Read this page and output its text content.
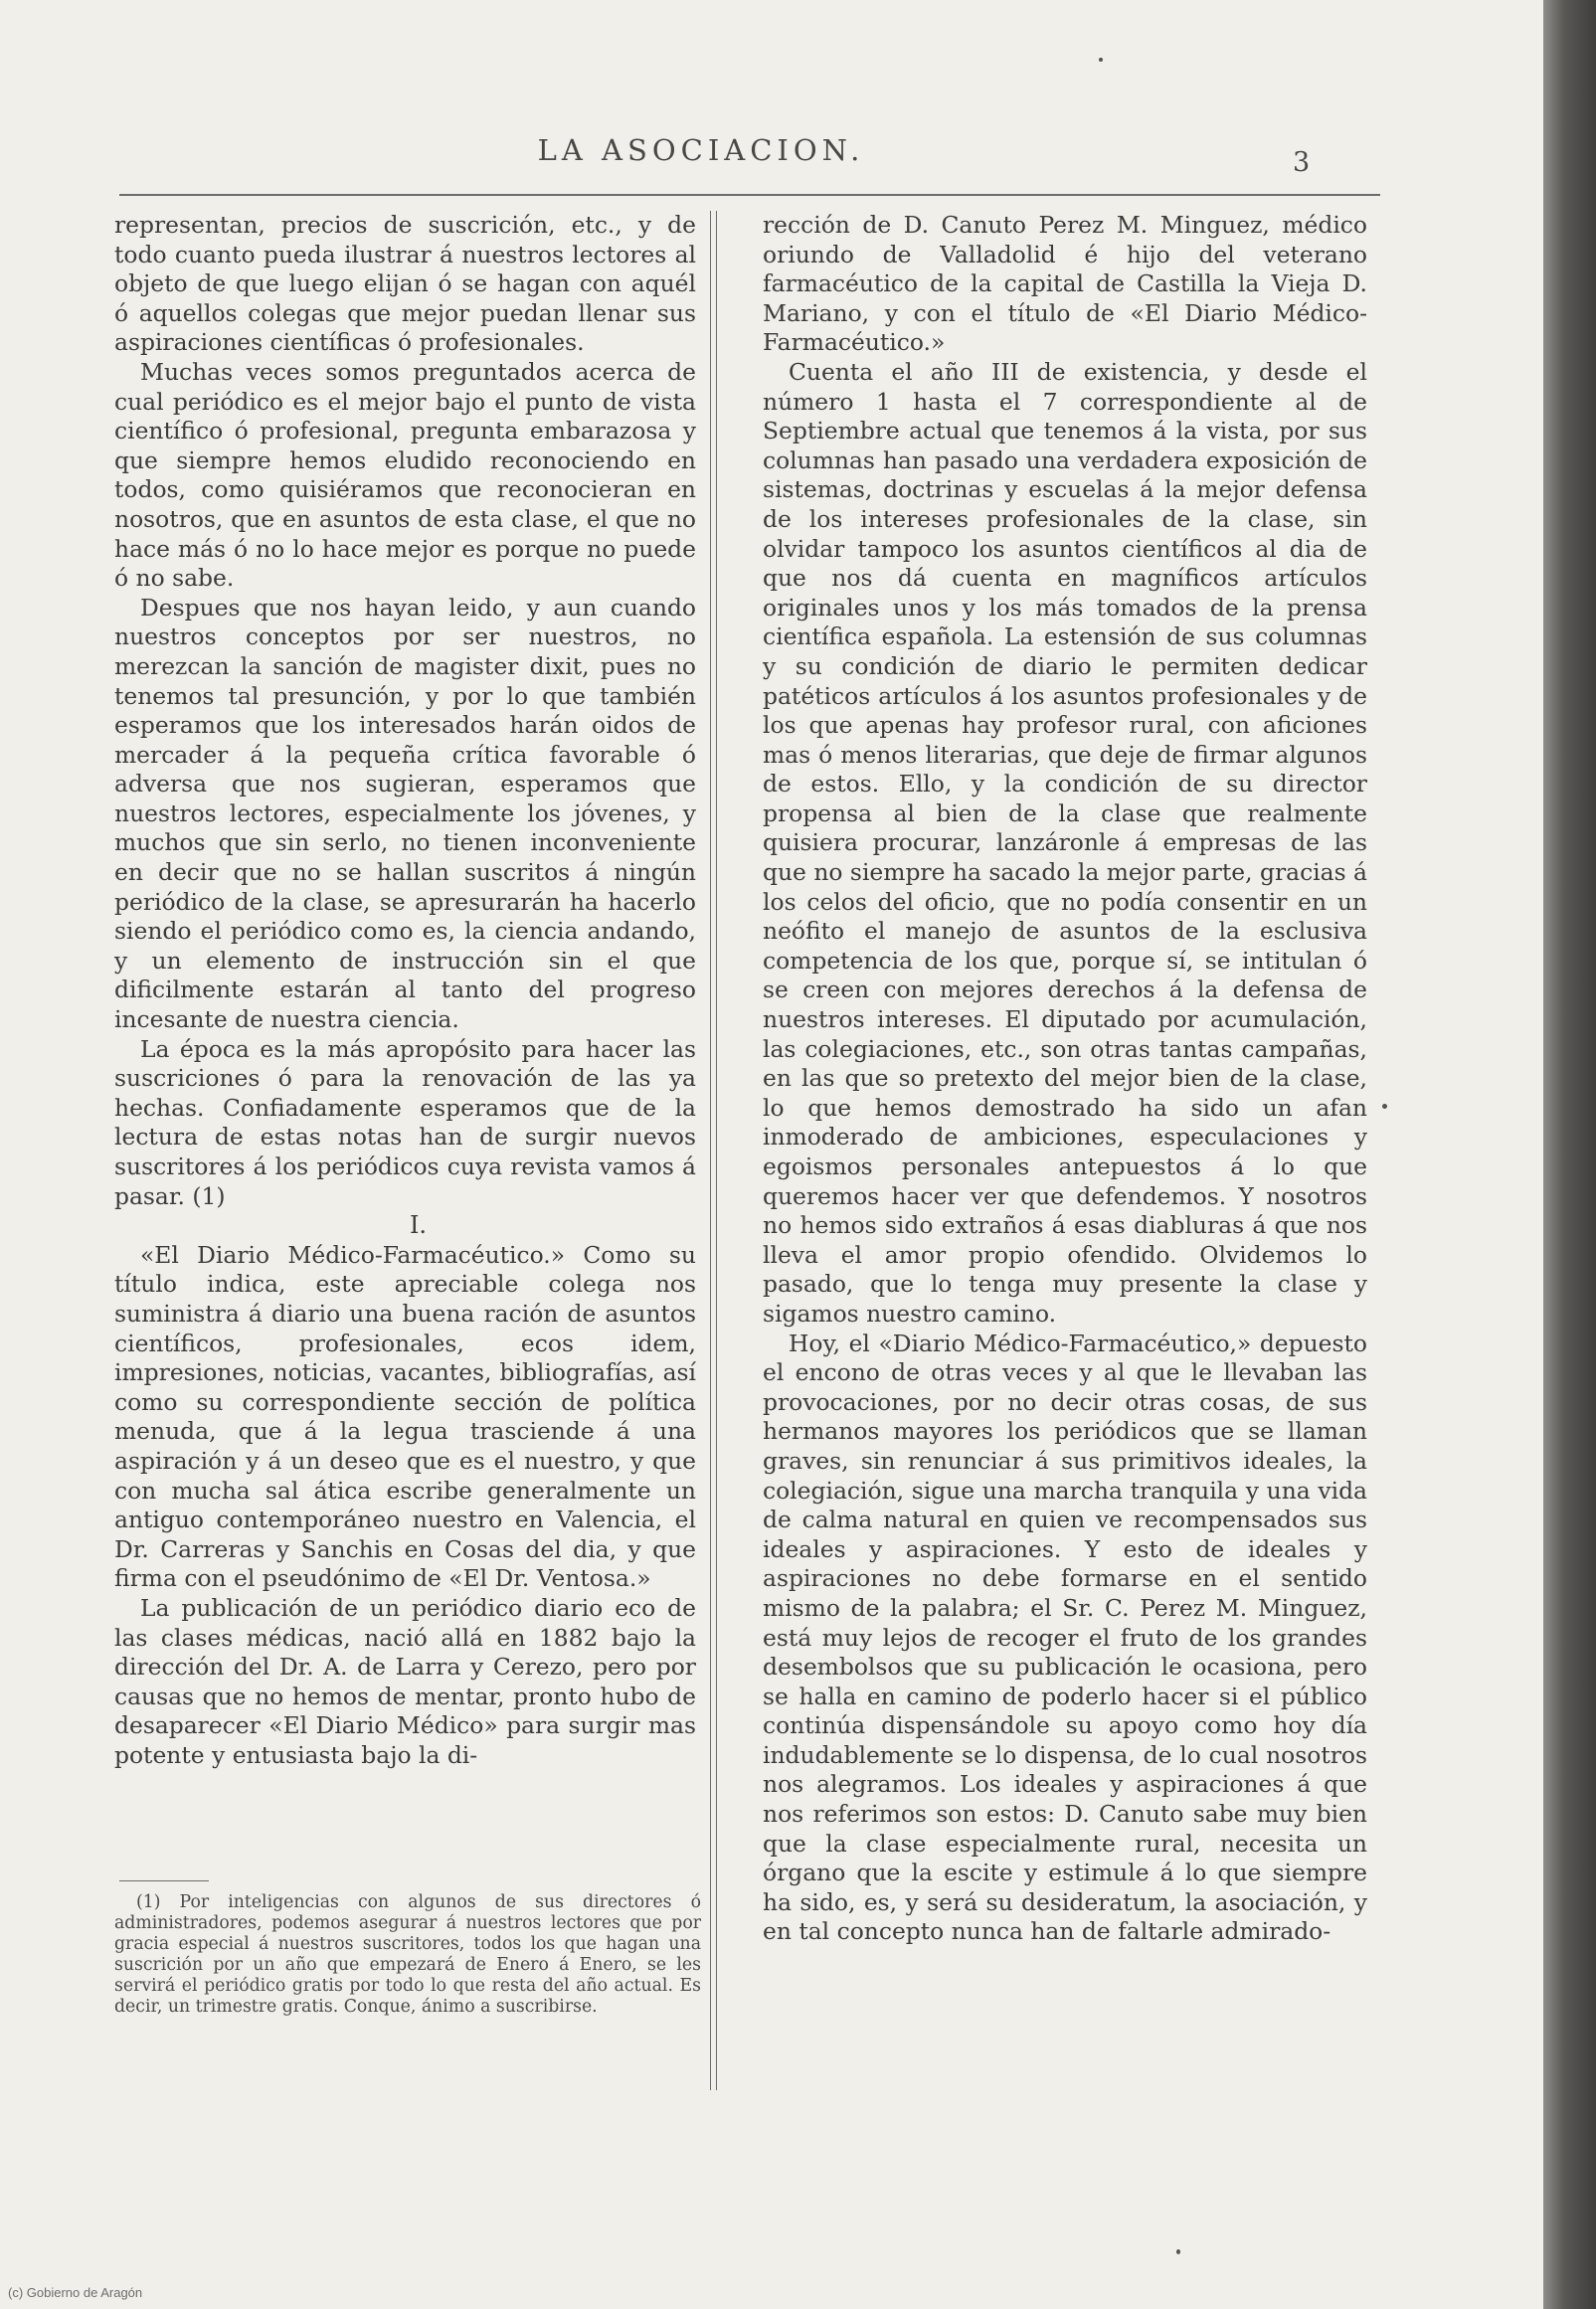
LA ASOCIACION.	3

representan, precios de suscrición, etc., y de todo cuanto pueda ilustrar á nuestros lectores al objeto de que luego elijan ó se hagan con aquél ó aquellos colegas que mejor puedan llenar sus aspiraciones científicas ó profesionales.

Muchas veces somos preguntados acerca de cual periódico es el mejor bajo el punto de vista científico ó profesional, pregunta embarazosa y que siempre hemos eludido reconociendo en todos, como quisiéramos que reconocieran en nosotros, que en asuntos de esta clase, el que no hace más ó no lo hace mejor es porque no puede ó no sabe.

Despues que nos hayan leido, y aun cuando nuestros conceptos por ser nuestros, no merezcan la sanción de magister dixit, pues no tenemos tal presunción, y por lo que también esperamos que los interesados harán oidos de mercader á la pequeña crítica favorable ó adversa que nos sugieran, esperamos que nuestros lectores, especialmente los jóvenes, y muchos que sin serlo, no tienen inconveniente en decir que no se hallan suscritos á ningún periódico de la clase, se apresurarán ha hacerlo siendo el periódico como es, la ciencia andando, y un elemento de instrucción sin el que dificilmente estarán al tanto del progreso incesante de nuestra ciencia.

La época es la más apropósito para hacer las suscriciones ó para la renovación de las ya hechas. Confiadamente esperamos que de la lectura de estas notas han de surgir nuevos suscritores á los periódicos cuya revista vamos á pasar. (1)

I.

«El Diario Médico-Farmacéutico.» Como su título indica, este apreciable colega nos suministra á diario una buena ración de asuntos científicos, profesionales, ecos idem, impresiones, noticias, vacantes, bibliografías, así como su correspondiente sección de política menuda, que á la legua trasciende á una aspiración y á un deseo que es el nuestro, y que con mucha sal ática escribe generalmente un antiguo contemporáneo nuestro en Valencia, el Dr. Carreras y Sanchis en Cosas del dia, y que firma con el pseudónimo de «El Dr. Ventosa.»

La publicación de un periódico diario eco de las clases médicas, nació allá en 1882 bajo la dirección del Dr. A. de Larra y Cerezo, pero por causas que no hemos de mentar, pronto hubo de desaparecer «El Diario Médico» para surgir mas potente y entusiasta bajo la di-

rección de D. Canuto Perez M. Minguez, médico oriundo de Valladolid é hijo del veterano farmacéutico de la capital de Castilla la Vieja D. Mariano, y con el título de «El Diario Médico-Farmacéutico.»

Cuenta el año III de existencia, y desde el número 1 hasta el 7 correspondiente al de Septiembre actual que tenemos á la vista, por sus columnas han pasado una verdadera exposición de sistemas, doctrinas y escuelas á la mejor defensa de los intereses profesionales de la clase, sin olvidar tampoco los asuntos científicos al dia de que nos dá cuenta en magníficos artículos originales unos y los más tomados de la prensa científica española. La estensión de sus columnas y su condición de diario le permiten dedicar patéticos artículos á los asuntos profesionales y de los que apenas hay profesor rural, con aficiones mas ó menos literarias, que deje de firmar algunos de estos. Ello, y la condición de su director propensa al bien de la clase que realmente quisiera procurar, lanzáronle á empresas de las que no siempre ha sacado la mejor parte, gracias á los celos del oficio, que no podía consentir en un neófito el manejo de asuntos de la esclusiva competencia de los que, porque sí, se intitulan ó se creen con mejores derechos á la defensa de nuestros intereses. El diputado por acumulación, las colegiaciones, etc., son otras tantas campañas, en las que so pretexto del mejor bien de la clase, lo que hemos demostrado ha sido un afan inmoderado de ambiciones, especulaciones y egoismos personales antepuestos á lo que queremos hacer ver que defendemos. Y nosotros no hemos sido extraños á esas diabluras á que nos lleva el amor propio ofendido. Olvidemos lo pasado, que lo tenga muy presente la clase y sigamos nuestro camino.

Hoy, el «Diario Médico-Farmacéutico,» depuesto el encono de otras veces y al que le llevaban las provocaciones, por no decir otras cosas, de sus hermanos mayores los periódicos que se llaman graves, sin renunciar á sus primitivos ideales, la colegiación, sigue una marcha tranquila y una vida de calma natural en quien ve recompensados sus ideales y aspiraciones. Y esto de ideales y aspiraciones no debe formarse en el sentido mismo de la palabra; el Sr. C. Perez M. Minguez, está muy lejos de recoger el fruto de los grandes desembolsos que su publicación le ocasiona, pero se halla en camino de poderlo hacer si el público continúa dispensándole su apoyo como hoy día indudablemente se lo dispensa, de lo cual nosotros nos alegramos. Los ideales y aspiraciones á que nos referimos son estos: D. Canuto sabe muy bien que la clase especialmente rural, necesita un órgano que la escite y estimule á lo que siempre ha sido, es, y será su desideratum, la asociación, y en tal concepto nunca han de faltarle admirado-

(1) Por inteligencias con algunos de sus directores ó administradores, podemos asegurar á nuestros lectores que por gracia especial á nuestros suscritores, todos los que hagan una suscrición por un año que empezará de Enero á Enero, se les servirá el periódico gratis por todo lo que resta del año actual. Es decir, un trimestre gratis. Conque, ánimo a suscribirse.

(c) Gobierno de Aragón
